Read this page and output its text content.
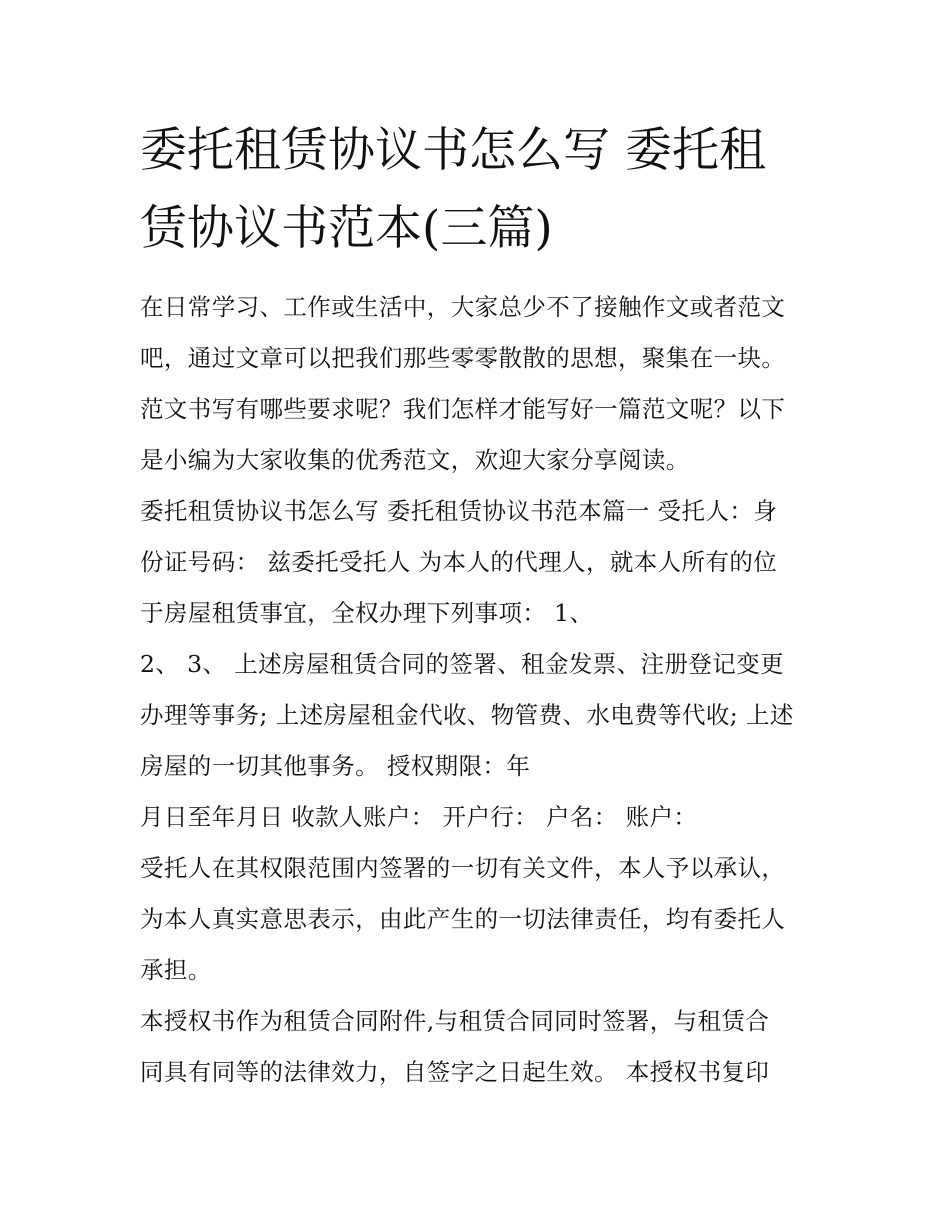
委托租赁协议书怎么写 委托租
赁协议书范本(三篇)

在日常学习、工作或生活中，大家总少不了接触作文或者范文
吧，通过文章可以把我们那些零零散散的思想，聚集在一块。
范文书写有哪些要求呢？我们怎样才能写好一篇范文呢？以下
是小编为大家收集的优秀范文，欢迎大家分享阅读。

委托租赁协议书怎么写 委托租赁协议书范本篇一 受托人：身
份证号码： 兹委托受托人 为本人的代理人，就本人所有的位
于房屋租赁事宜，全权办理下列事项： 1、

2、 3、 上述房屋租赁合同的签署、租金发票、注册登记变更
办理等事务; 上述房屋租金代收、物管费、水电费等代收; 上述
房屋的一切其他事务。 授权期限：年

月日至年月日 收款人账户： 开户行： 户名： 账户：

受托人在其权限范围内签署的一切有关文件，本人予以承认，
为本人真实意思表示，由此产生的一切法律责任，均有委托人
承担。

本授权书作为租赁合同附件,与租赁合同同时签署，与租赁合
同具有同等的法律效力，自签字之日起生效。 本授权书复印
